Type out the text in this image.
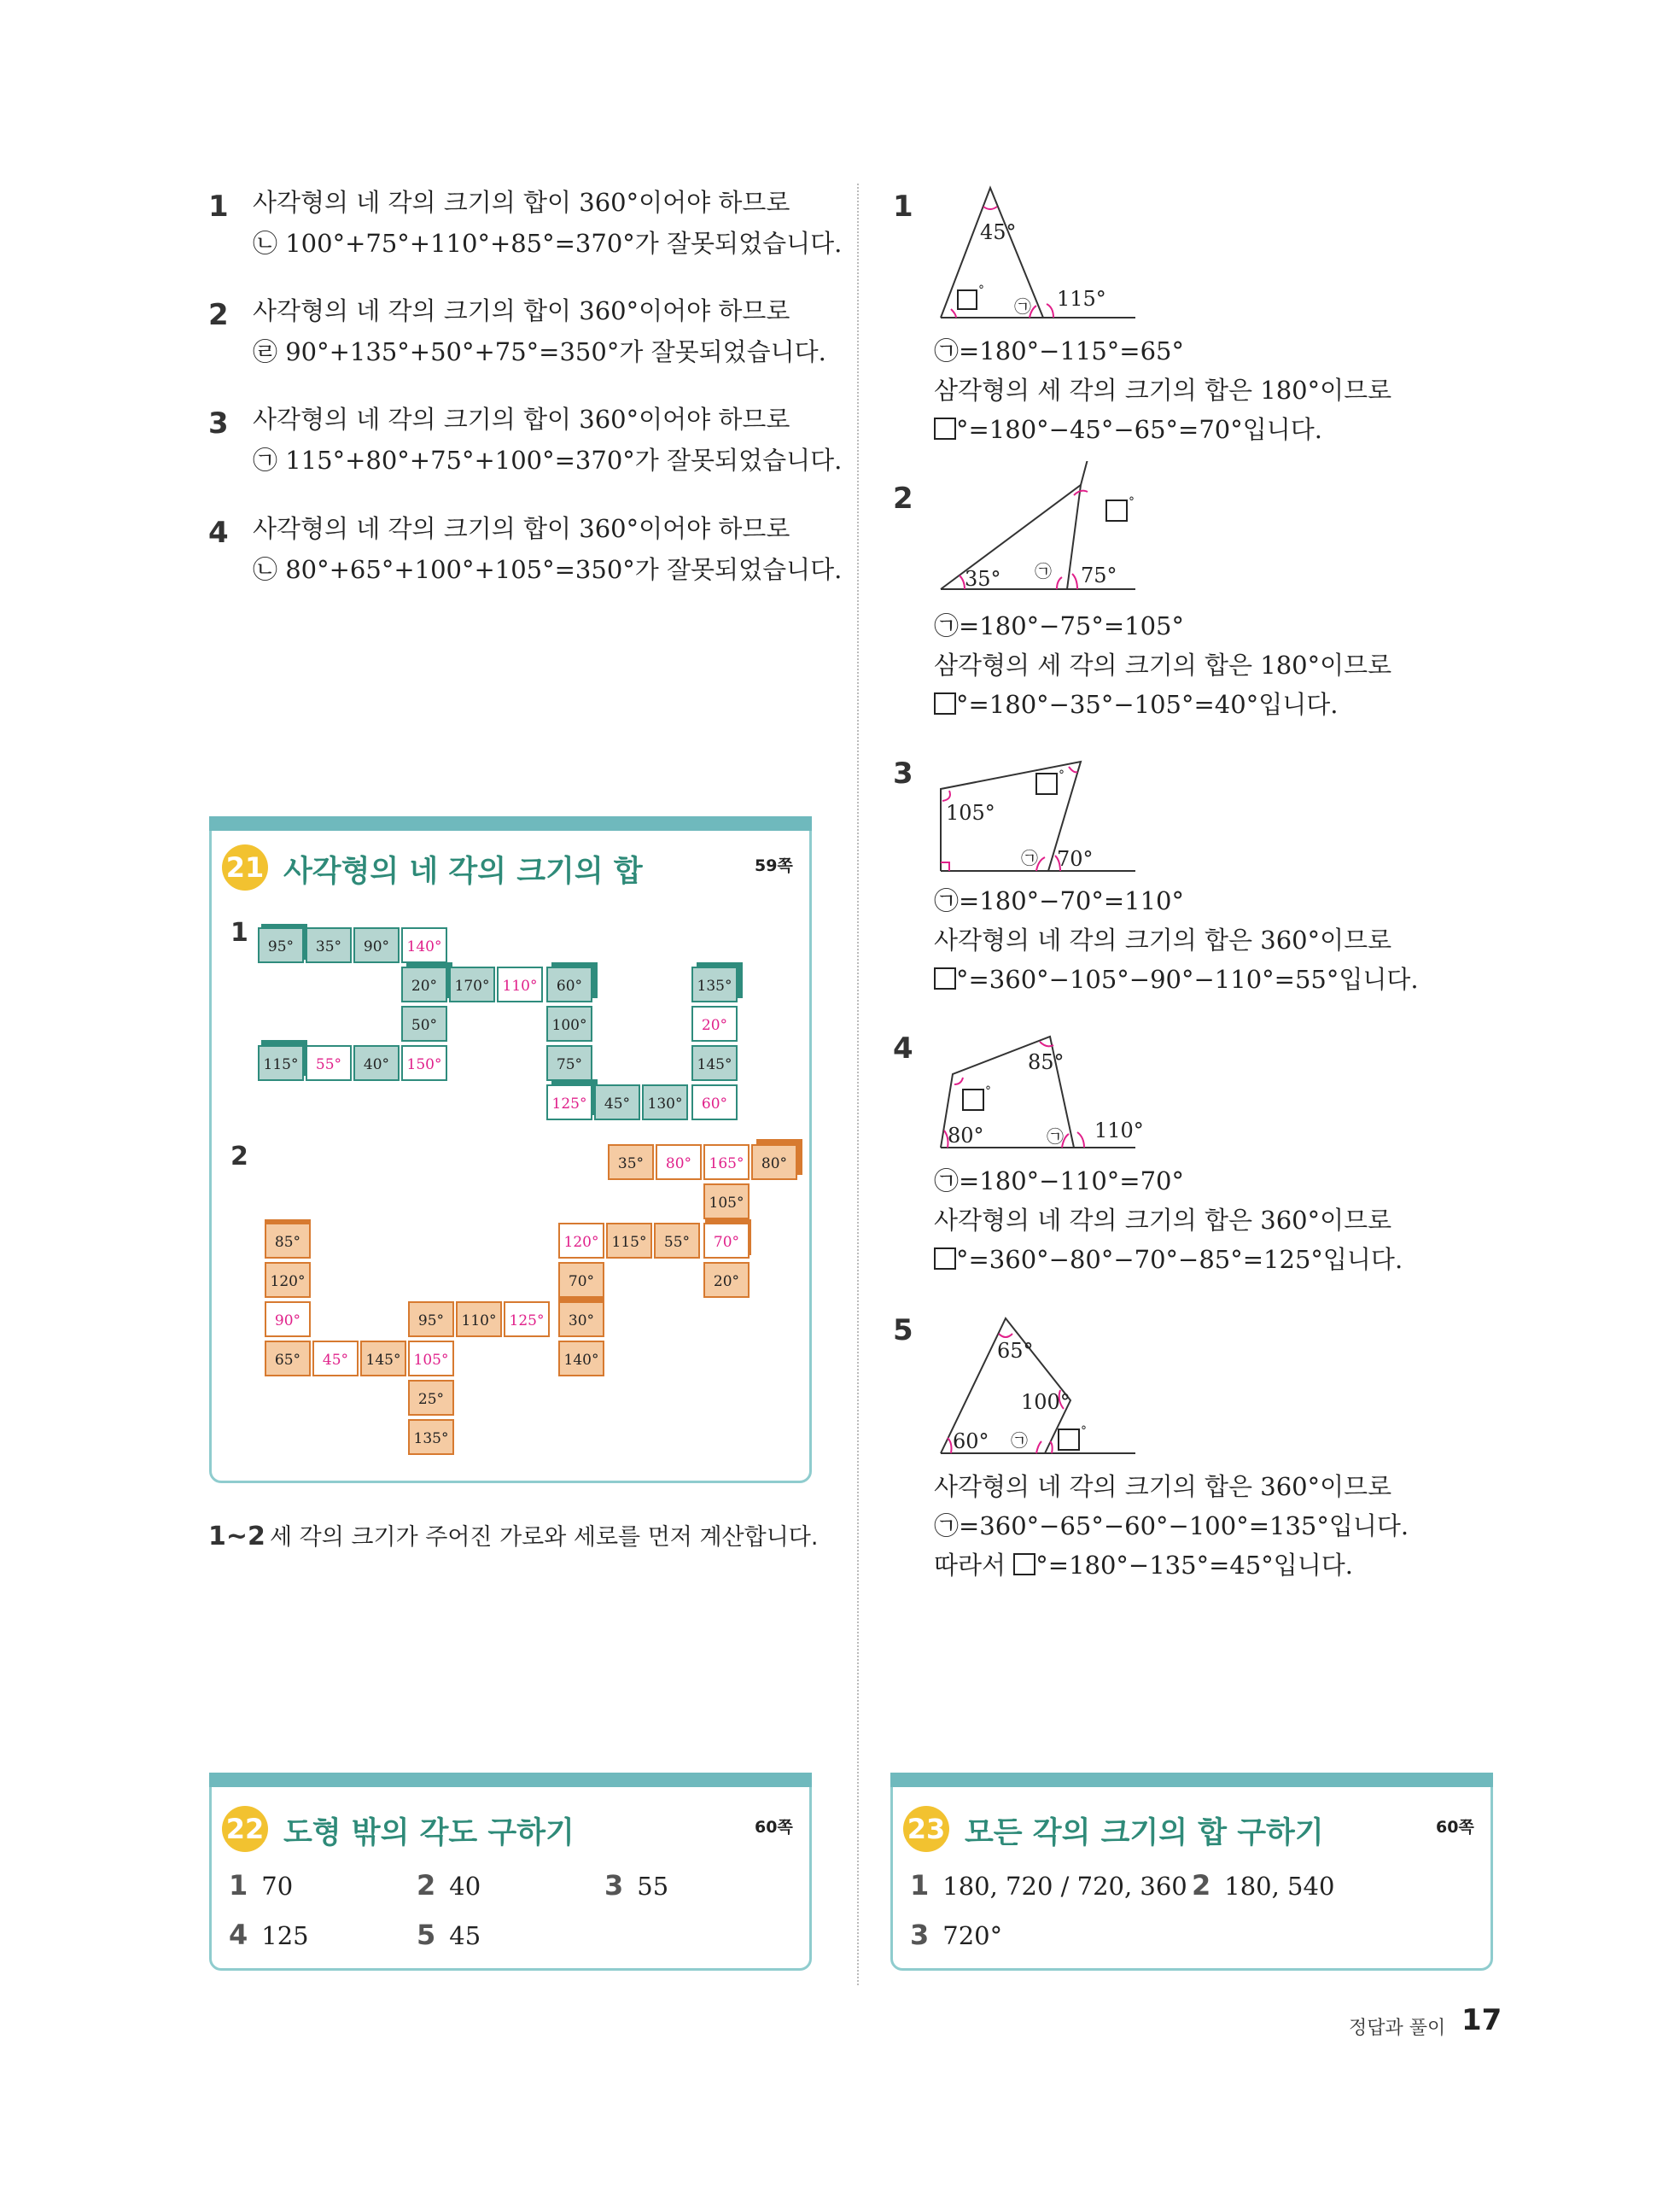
1 사각형의 네 각의 크기의 합이 360°이어야 하므로
㉡ 100°+75°+110°+85°=370°가 잘못되었습니다.
2 사각형의 네 각의 크기의 합이 360°이어야 하므로
㉣ 90°+135°+50°+75°=350°가 잘못되었습니다.
3 사각형의 네 각의 크기의 합이 360°이어야 하므로
㉠ 115°+80°+75°+100°=370°가 잘못되었습니다.
4 사각형의 네 각의 크기의 합이 360°이어야 하므로
㉡ 80°+65°+100°+105°=350°가 잘못되었습니다.
21 사각형의 네 각의 크기의 합	59쪽
1
2
95°	35°	90°	140°
20°	170° 110°	60°
50°	100°
115°	55°	40°	150°	75°
125°	45°	130°	60°
135°
20°
145°
35°	80°	165°	80°
105°
120° 115°	55°	70°
70°	20°
85°
120°
90°
65°	45°	145° 105°
95°	110° 125°	30°
140°
25°
135°
1~2 세 각의 크기가 주어진 가로와 세로를 먼저 계산합니다.
1
45°
115°
°
㉠
㉠=180°−115°=65°
삼각형의 세 각의 크기의 합은 180°이므로
°=180°−45°−65°=70°입니다.
2
35°	75°
°
㉠
㉠=180°−75°=105°
삼각형의 세 각의 크기의 합은 180°이므로
°=180°−35°−105°=40°입니다.
3
105°
70°
°
㉠
㉠=180°−70°=110°
사각형의 네 각의 크기의 합은 360°이므로
°=360°−105°−90°−110°=55°입니다.
4	85°
80°	110°
°
㉠
㉠=180°−110°=70°
사각형의 네 각의 크기의 합은 360°이므로
°=360°−80°−70°−85°=125°입니다.
5
65°
100°
60°	°
㉠
사각형의 네 각의 크기의 합은 360°이므로
㉠=360°−65°−60°−100°=135°입니다.
따라서 °=180°−135°=45°입니다.
22 도형 밖의 각도 구하기	60쪽
1 70	2 40	3 55
4 125	5 45
23 모든 각의 크기의 합 구하기	60쪽
1 180, 720 / 720, 360 2 180, 540
3 720°
정답과 풀이 17
